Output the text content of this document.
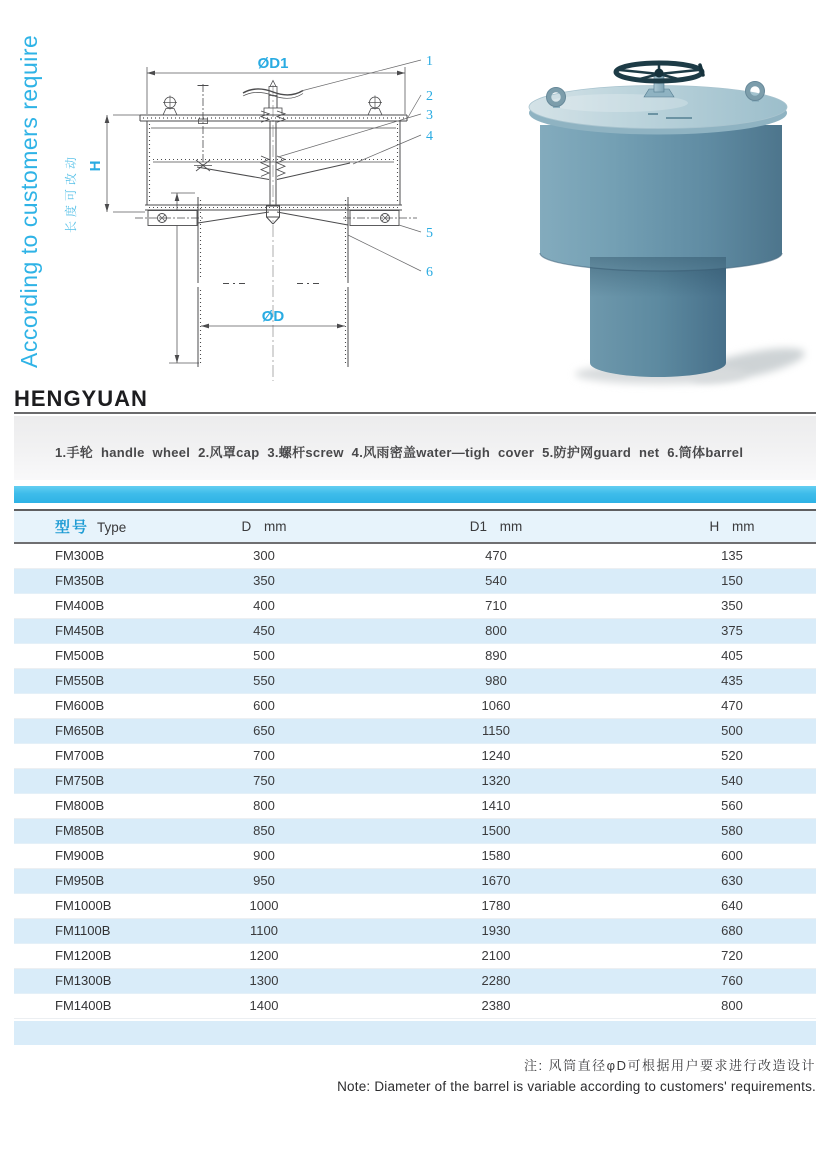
According to customers require 长度可改动
ØD1
ØD
H
1
2
3
4
5
6
HENGYUAN
1.手轮 handle wheel 2.风罩cap 3.螺杆screw 4.风雨密盖water—tigh cover 5.防护网guard net 6.筒体barrel
型号 Type	D mm	D1 mm	H mm
FM300B	300	470	135
FM350B	350	540	150
FM400B	400	710	350
FM450B	450	800	375
FM500B	500	890	405
FM550B	550	980	435
FM600B	600	1060	470
FM650B	650	1150	500
FM700B	700	1240	520
FM750B	750	1320	540
FM800B	800	1410	560
FM850B	850	1500	580
FM900B	900	1580	600
FM950B	950	1670	630
FM1000B	1000	1780	640
FM1100B	1100	1930	680
FM1200B	1200	2100	720
FM1300B	1300	2280	760
FM1400B	1400	2380	800

注: 风筒直径φD可根据用户要求进行改造设计

Note: Diameter of the barrel is variable according to customers' requirements.
